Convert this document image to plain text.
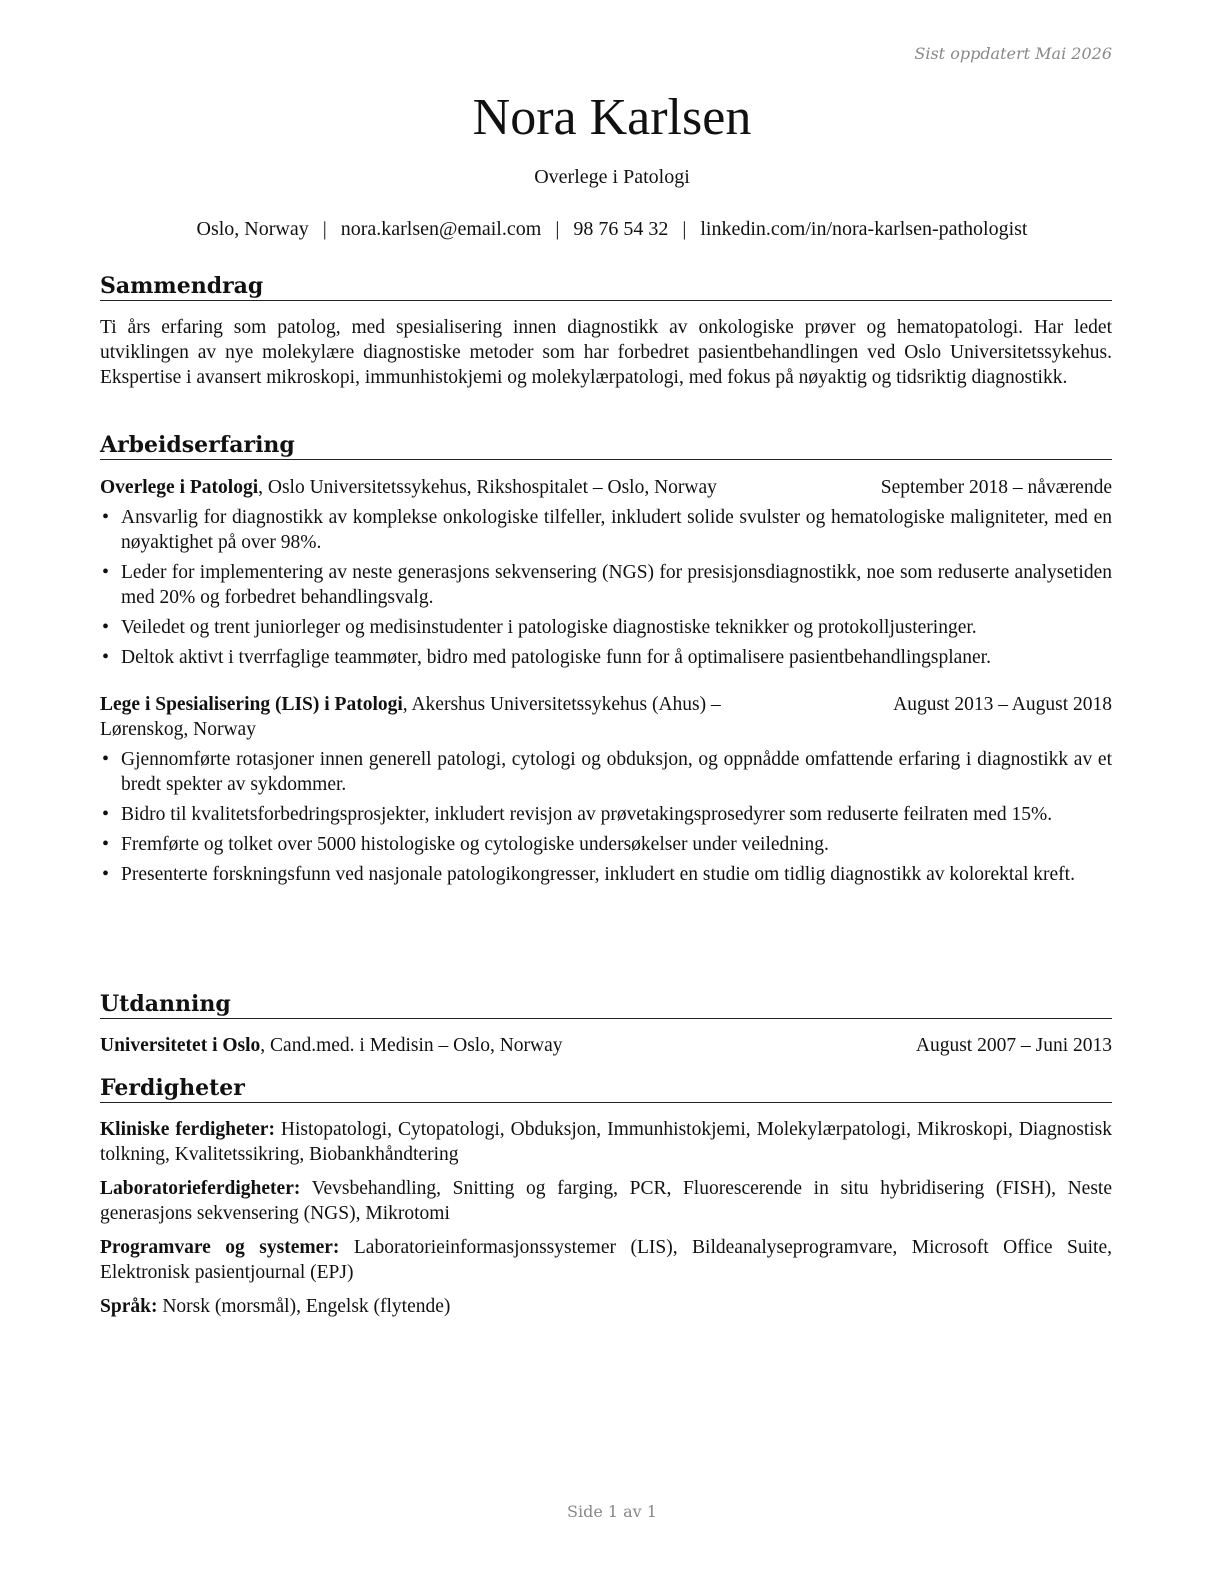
Sist oppdatert Mai 2026
Nora Karlsen
Overlege i Patologi
Oslo, Norway | nora.karlsen@email.com | 98 76 54 32 | linkedin.com/in/nora-karlsen-pathologist
Sammendrag
Ti års erfaring som patolog, med spesialisering innen diagnostikk av onkologiske prøver og hematopatologi. Har ledet utviklingen av nye molekylære diagnostiske metoder som har forbedret pasientbehandlingen ved Oslo Universitetssykehus. Ekspertise i avansert mikroskopi, immunhistokjemi og molekylærpatologi, med fokus på nøyaktig og tidsriktig diagnostikk.
Arbeidserfaring
Overlege i Patologi, Oslo Universitetssykehus, Rikshospitalet – Oslo, Norway	September 2018 – nåværende
• Ansvarlig for diagnostikk av komplekse onkologiske tilfeller, inkludert solide svulster og hematologiske maligniteter, med en nøyaktighet på over 98%.
• Leder for implementering av neste generasjons sekvensering (NGS) for presisjonsdiagnostikk, noe som reduserte analysetiden med 20% og forbedret behandlingsvalg.
• Veiledet og trent juniorleger og medisinstudenter i patologiske diagnostiske teknikker og protokolljusteringer.
• Deltok aktivt i tverrfaglige teammøter, bidro med patologiske funn for å optimalisere pasientbehandlingsplaner.
Lege i Spesialisering (LIS) i Patologi, Akershus Universitetssykehus (Ahus) – Lørenskog, Norway
August 2013 – August 2018
• Gjennomførte rotasjoner innen generell patologi, cytologi og obduksjon, og oppnådde omfattende erfaring i diagnostikk av et bredt spekter av sykdommer.
• Bidro til kvalitetsforbedringsprosjekter, inkludert revisjon av prøvetakingsprosedyrer som reduserte feilraten med 15%.
• Fremførte og tolket over 5000 histologiske og cytologiske undersøkelser under veiledning.
• Presenterte forskningsfunn ved nasjonale patologikongresser, inkludert en studie om tidlig diagnostikk av kolorektal kreft.
Utdanning
Universitetet i Oslo, Cand.med. i Medisin – Oslo, Norway	August 2007 – Juni 2013
Ferdigheter
Kliniske ferdigheter: Histopatologi, Cytopatologi, Obduksjon, Immunhistokjemi, Molekylærpatologi, Mikroskopi, Diagnostisk tolkning, Kvalitetssikring, Biobankhåndtering
Laboratorieferdigheter: Vevsbehandling, Snitting og farging, PCR, Fluorescerende in situ hybridisering (FISH), Neste generasjons sekvensering (NGS), Mikrotomi
Programvare og systemer: Laboratorieinformasjonssystemer (LIS), Bildeanalyseprogramvare, Microsoft Office Suite, Elektronisk pasientjournal (EPJ)
Språk: Norsk (morsmål), Engelsk (flytende)
Side 1 av 1
